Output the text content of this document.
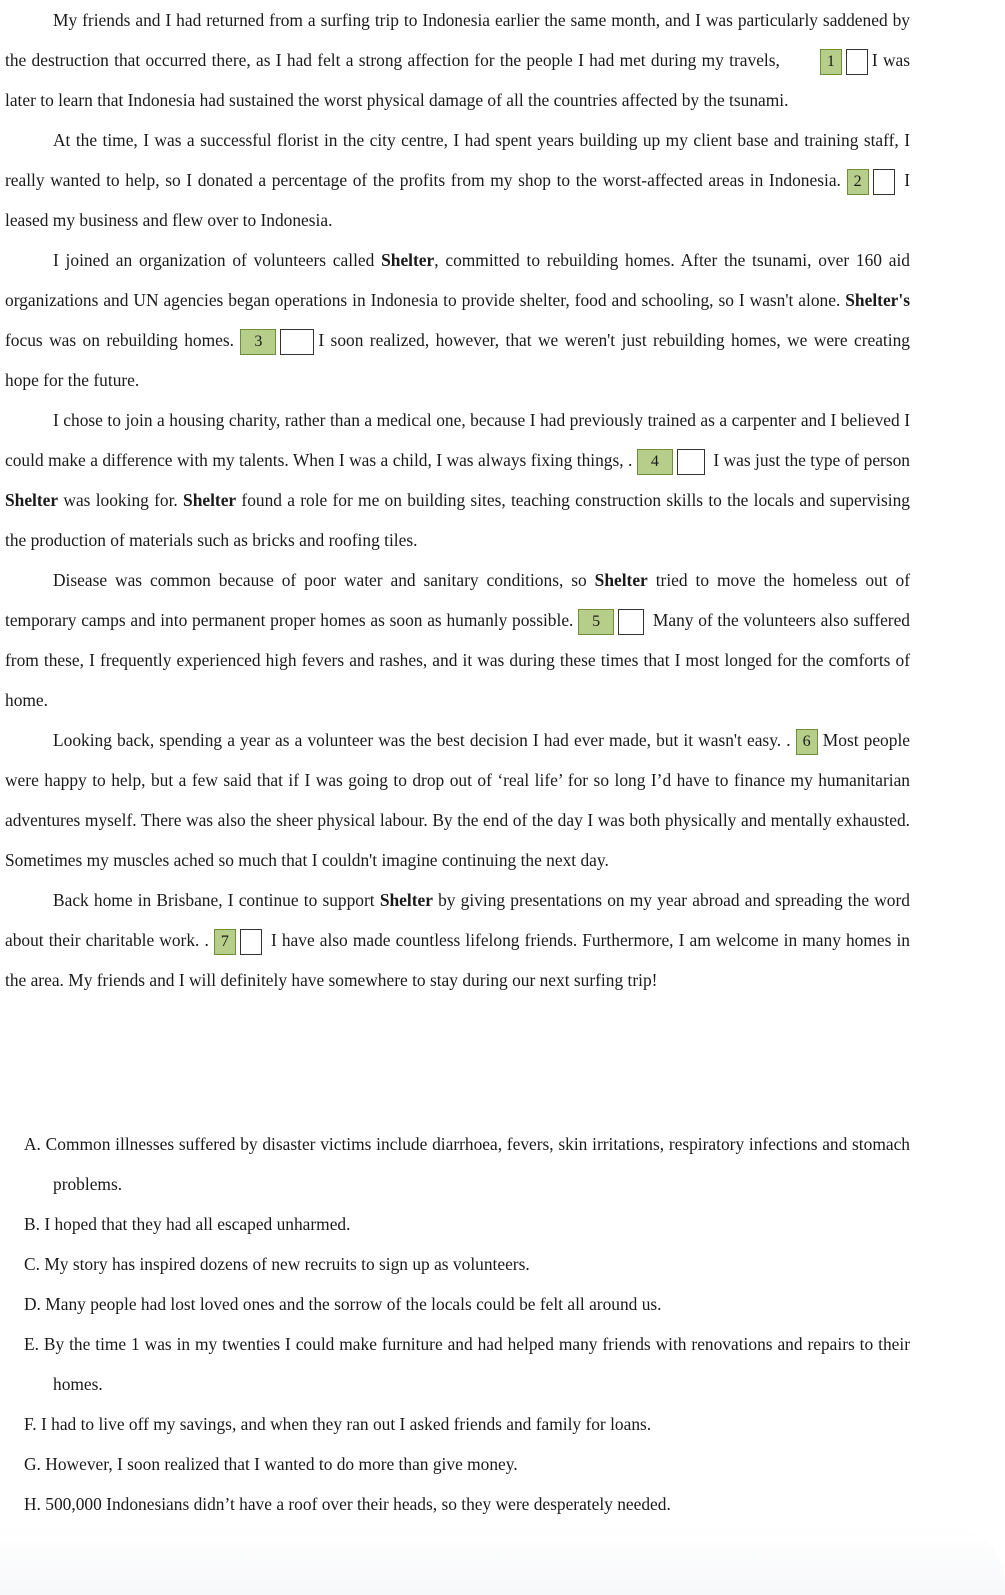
My friends and I had returned from a surfing trip to Indonesia earlier the same month, and I was particularly saddened by the destruction that occurred there, as I had felt a strong affection for the people I had met during my travels,	1 I was later to learn that Indonesia had sustained the worst physical damage of all the countries affected by the tsunami.

At the time, I was a successful florist in the city centre, I had spent years building up my client base and training staff, I really wanted to help, so I donated a percentage of the profits from my shop to the worst-affected areas in Indonesia. 2 I leased my business and flew over to Indonesia.

I joined an organization of volunteers called Shelter, committed to rebuilding homes. After the tsunami, over 160 aid organizations and UN agencies began operations in Indonesia to provide shelter, food and schooling, so I wasn't alone. Shelter's focus was on rebuilding homes. 3	I soon realized, however, that we weren't just rebuilding homes, we were creating hope for the future.

I chose to join a housing charity, rather than a medical one, because I had previously trained as a carpenter and I believed I could make a difference with my talents. When I was a child, I was always fixing things, . 4	I was just the type of person Shelter was looking for. Shelter found a role for me on building sites, teaching construction skills to the locals and supervising the production of materials such as bricks and roofing tiles.

Disease was common because of poor water and sanitary conditions, so Shelter tried to move the homeless out of temporary camps and into permanent proper homes as soon as humanly possible. 5	Many of the volunteers also suffered from these, I frequently experienced high fevers and rashes, and it was during these times that I most longed for the comforts of home.

Looking back, spending a year as a volunteer was the best decision I had ever made, but it wasn't easy. . 6 Most people were happy to help, but a few said that if I was going to drop out of ‘real life’ for so long I’d have to finance my humanitarian adventures myself. There was also the sheer physical labour. By the end of the day I was both physically and mentally exhausted. Sometimes my muscles ached so much that I couldn't imagine continuing the next day.

Back home in Brisbane, I continue to support Shelter by giving presentations on my year abroad and spreading the word about their charitable work. . 7 I have also made countless lifelong friends. Furthermore, I am welcome in many homes in the area. My friends and I will definitely have somewhere to stay during our next surfing trip!

A. Common illnesses suffered by disaster victims include diarrhoea, fevers, skin irritations, respiratory infections and stomach problems.

B. I hoped that they had all escaped unharmed.

C. My story has inspired dozens of new recruits to sign up as volunteers.

D. Many people had lost loved ones and the sorrow of the locals could be felt all around us.

E. By the time 1 was in my twenties I could make furniture and had helped many friends with renovations and repairs to their homes.

F. I had to live off my savings, and when they ran out I asked friends and family for loans.

G. However, I soon realized that I wanted to do more than give money.

H. 500,000 Indonesians didn’t have a roof over their heads, so they were desperately needed.
